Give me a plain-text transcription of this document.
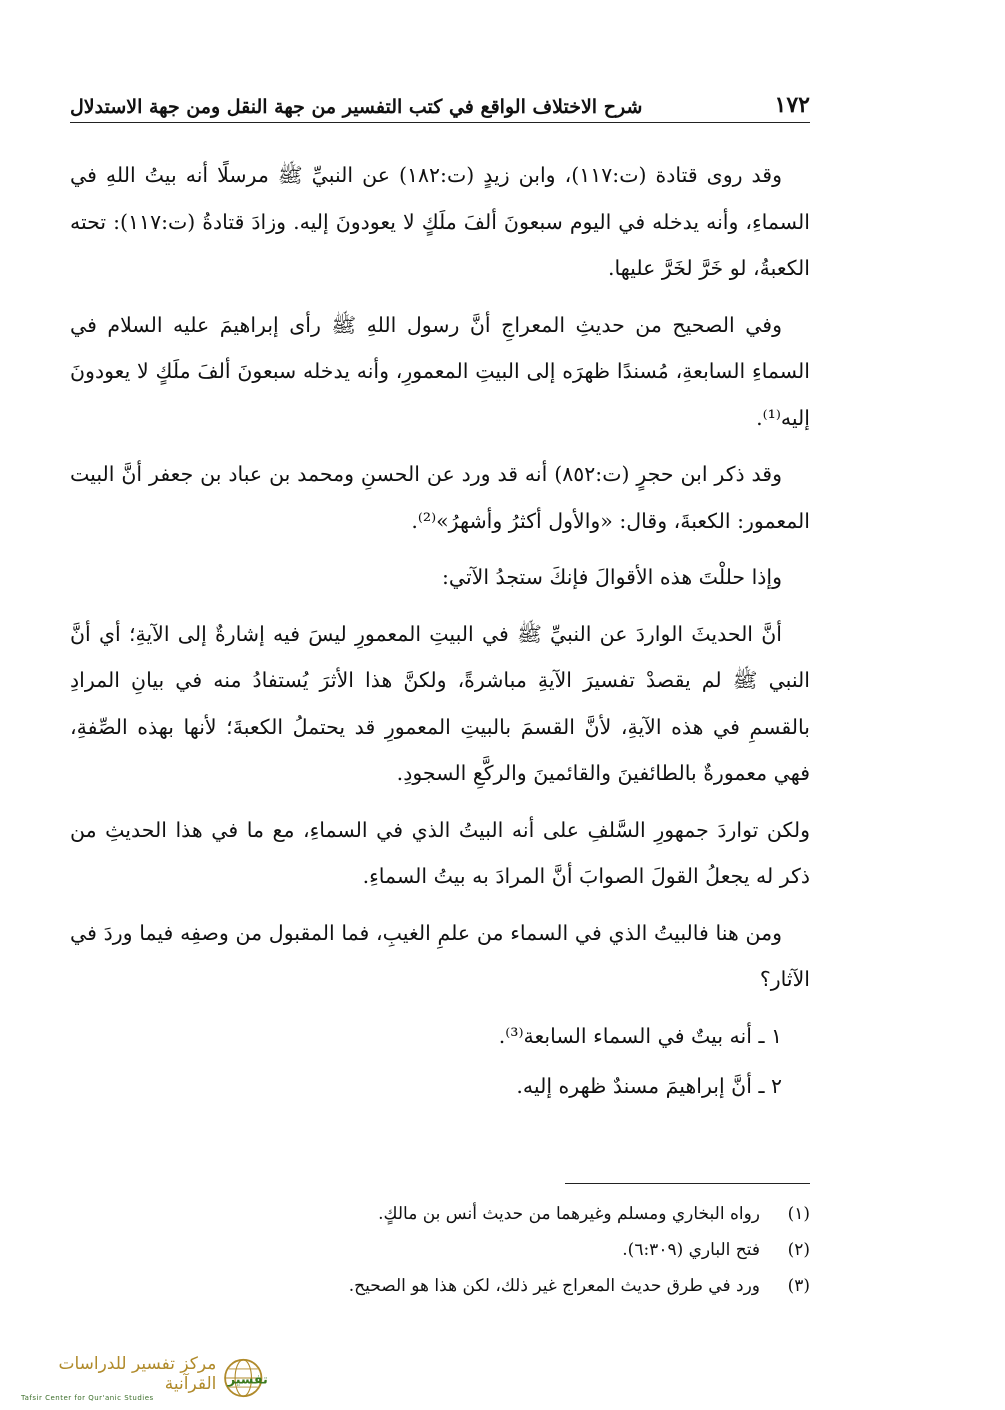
١٧٢
شرح الاختلاف الواقع في كتب التفسير من جهة النقل ومن جهة الاستدلال

وقد روى قتادة (ت:١١٧)، وابن زيدٍ (ت:١٨٢) عن النبيِّ ﷺ مرسلًا أنه بيتُ اللهِ في السماءِ، وأنه يدخله في اليوم سبعونَ ألفَ ملَكٍ لا يعودونَ إليه. وزادَ قتادةُ (ت:١١٧): تحته الكعبةُ، لو خَرَّ لخَرَّ عليها.

وفي الصحيح من حديثِ المعراجِ أنَّ رسول اللهِ ﷺ رأى إبراهيمَ عليه السلام في السماءِ السابعةِ، مُسندًا ظهرَه إلى البيتِ المعمورِ، وأنه يدخله سبعونَ ألفَ ملَكٍ لا يعودونَ إليه⁽¹⁾.

وقد ذكر ابن حجرٍ (ت:٨٥٢) أنه قد ورد عن الحسنِ ومحمد بن عباد بن جعفر أنَّ البيت المعمور: الكعبةَ، وقال: «والأول أكثرُ وأشهرُ»⁽²⁾.

وإذا حللْتَ هذه الأقوالَ فإنكَ ستجدُ الآتي:

أنَّ الحديثَ الواردَ عن النبيِّ ﷺ في البيتِ المعمورِ ليسَ فيه إشارةٌ إلى الآيةِ؛ أي أنَّ النبي ﷺ لم يقصدْ تفسيرَ الآيةِ مباشرةً، ولكنَّ هذا الأثرَ يُستفادُ منه في بيانِ المرادِ بالقسمِ في هذه الآيةِ، لأنَّ القسمَ بالبيتِ المعمورِ قد يحتملُ الكعبةَ؛ لأنها بهذه الصِّفةِ، فهي معمورةٌ بالطائفينَ والقائمينَ والركَّعِ السجودِ.

ولكن تواردَ جمهورِ السَّلفِ على أنه البيتُ الذي في السماءِ، مع ما في هذا الحديثِ من ذكر له يجعلُ القولَ الصوابَ أنَّ المرادَ به بيتُ السماءِ.

ومن هنا فالبيتُ الذي في السماء من علمِ الغيبِ، فما المقبول من وصفِه فيما وردَ في الآثار؟

١ ـ أنه بيتٌ في السماء السابعة⁽³⁾.

٢ ـ أنَّ إبراهيمَ مسندٌ ظهره إليه.

(١)
رواه البخاري ومسلم وغيرهما من حديث أنس بن مالكٍ.
(٢)
فتح الباري (٦:٣٠٩).
(٣)
ورد في طرق حديث المعراج غير ذلك، لكن هذا هو الصحيح.
مركز تفسير للدراسات القرآنية
Tafsir Center for Qur'anic Studies
تفسير
